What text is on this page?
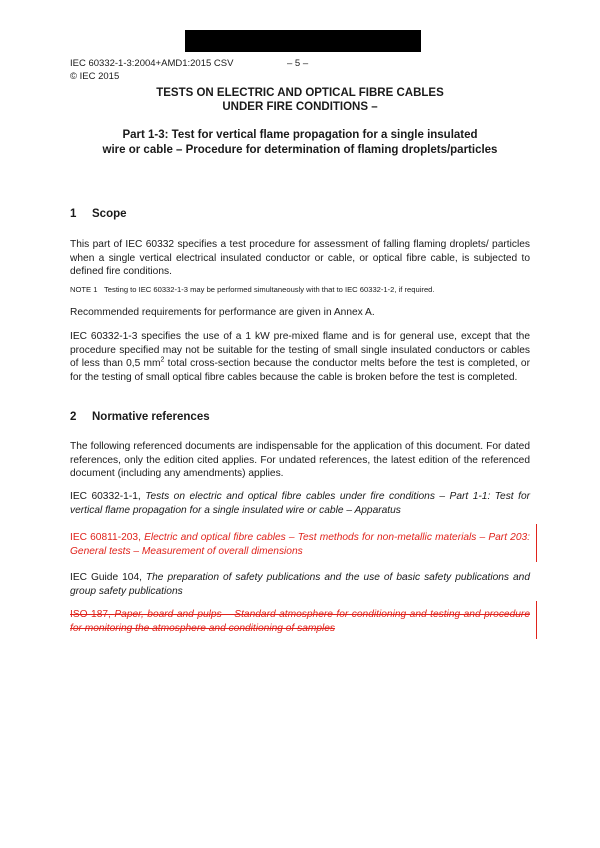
IEC 60332-1-3:2004+AMD1:2015 CSV	– 5 –
© IEC 2015
TESTS ON ELECTRIC AND OPTICAL FIBRE CABLES
UNDER FIRE CONDITIONS –
Part 1-3: Test for vertical flame propagation for a single insulated
wire or cable – Procedure for determination of flaming droplets/particles
1 Scope
This part of IEC 60332 specifies a test procedure for assessment of falling flaming droplets/ particles when a single vertical electrical insulated conductor or cable, or optical fibre cable, is subjected to defined fire conditions.
NOTE 1 Testing to IEC 60332-1-3 may be performed simultaneously with that to IEC 60332-1-2, if required.
Recommended requirements for performance are given in Annex A.
IEC 60332-1-3 specifies the use of a 1 kW pre-mixed flame and is for general use, except that the procedure specified may not be suitable for the testing of small single insulated conductors or cables of less than 0,5 $mm^2$ total cross-section because the conductor melts before the test is completed, or for the testing of small optical fibre cables because the cable is broken before the test is completed.
2 Normative references
The following referenced documents are indispensable for the application of this document. For dated references, only the edition cited applies. For undated references, the latest edition of the referenced document (including any amendments) applies.
IEC 60332-1-1, Tests on electric and optical fibre cables under fire conditions – Part 1-1: Test for vertical flame propagation for a single insulated wire or cable – Apparatus
IEC 60811-203, Electric and optical fibre cables – Test methods for non-metallic materials – Part 203: General tests – Measurement of overall dimensions
IEC Guide 104, The preparation of safety publications and the use of basic safety publications and group safety publications
ISO 187, Paper, board and pulps – Standard atmosphere for conditioning and testing and procedure for monitoring the atmosphere and conditioning of samples
